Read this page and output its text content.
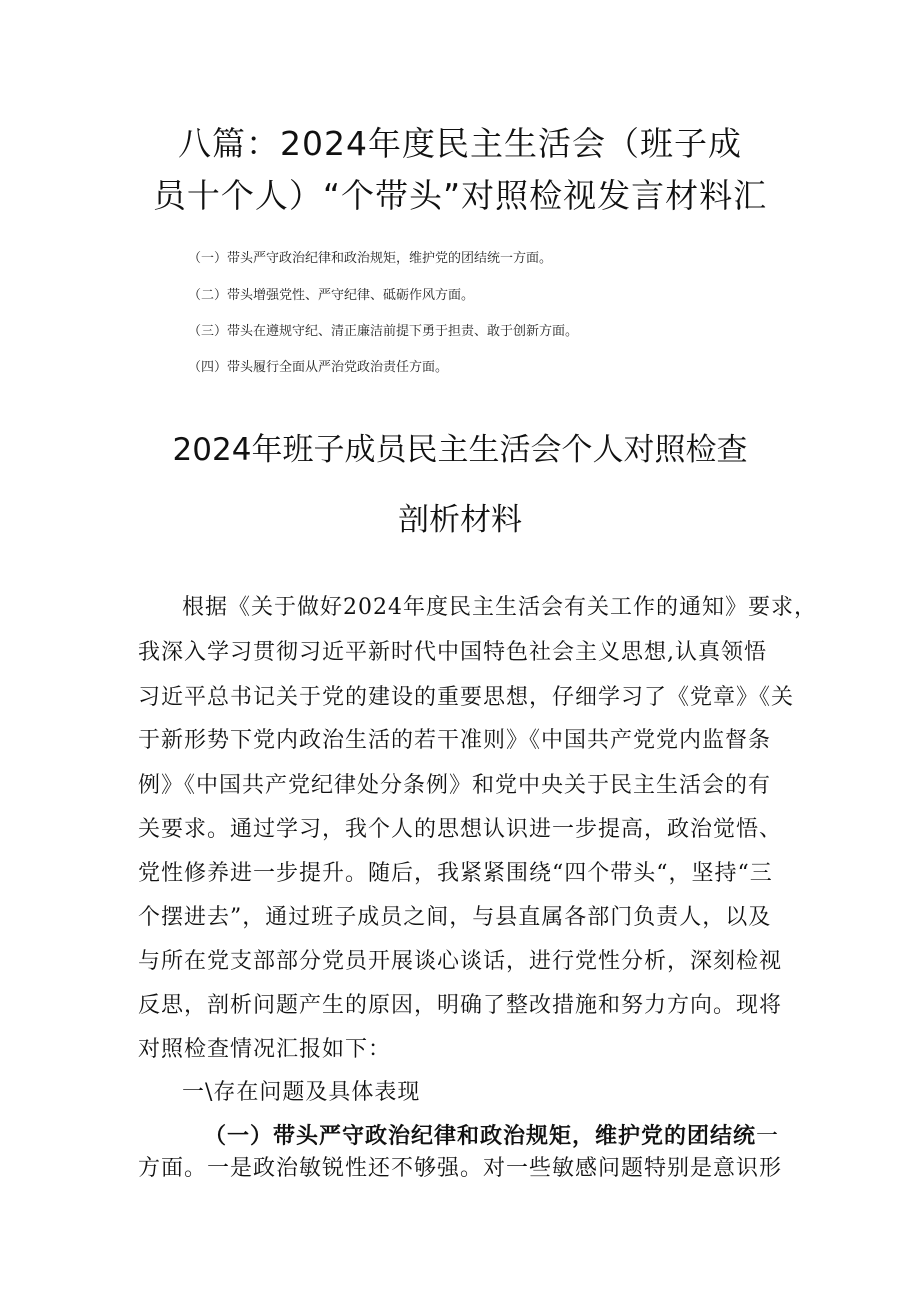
八篇：2024年度民主生活会（班子成
员十个人）“个带头”对照检视发言材料汇
（一）带头严守政治纪律和政治规矩，维护党的团结统一方面。
（二）带头增强党性、严守纪律、砥砺作风方面。
（三）带头在遵规守纪、清正廉洁前提下勇于担责、敢于创新方面。
（四）带头履行全面从严治党政治责任方面。
2024年班子成员民主生活会个人对照检查
剖析材料
根据《关于做好2024年度民主生活会有关工作的通知》要求，
我深入学习贯彻习近平新时代中国特色社会主义思想,认真领悟
习近平总书记关于党的建设的重要思想，仔细学习了《党章》《关
于新形势下党内政治生活的若干准则》《中国共产党党内监督条
例》《中国共产党纪律处分条例》和党中央关于民主生活会的有
关要求。通过学习，我个人的思想认识进一步提高，政治觉悟、
党性修养进一步提升。随后，我紧紧围绕“四个带头“，坚持“三
个摆进去”，通过班子成员之间，与县直属各部门负责人，以及
与所在党支部部分党员开展谈心谈话，进行党性分析，深刻检视
反思，剖析问题产生的原因，明确了整改措施和努力方向。现将
对照检查情况汇报如下：
一\存在问题及具体表现
（一）带头严守政治纪律和政治规矩，维护党的团结统一
方面。一是政治敏锐性还不够强。对一些敏感问题特别是意识形
